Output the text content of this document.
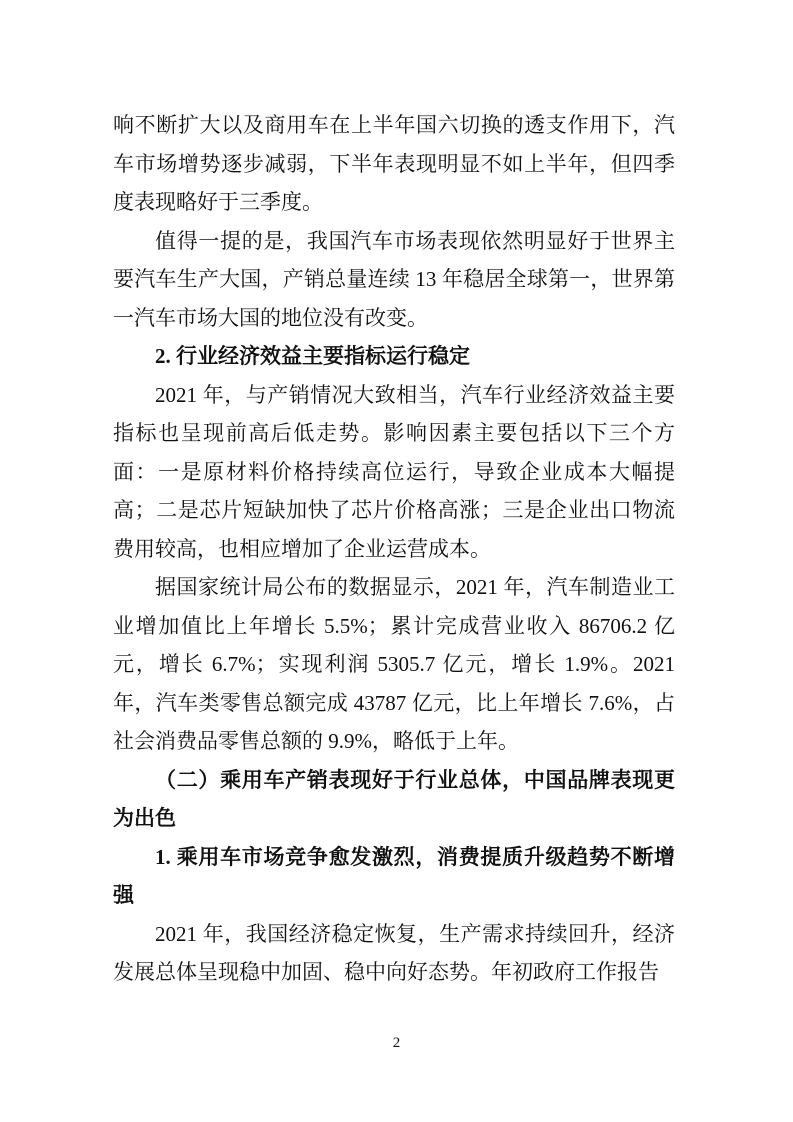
响不断扩大以及商用车在上半年国六切换的透支作用下，汽车市场增势逐步减弱，下半年表现明显不如上半年，但四季度表现略好于三季度。

值得一提的是，我国汽车市场表现依然明显好于世界主要汽车生产大国，产销总量连续 13 年稳居全球第一，世界第一汽车市场大国的地位没有改变。

2. 行业经济效益主要指标运行稳定

2021 年，与产销情况大致相当，汽车行业经济效益主要指标也呈现前高后低走势。影响因素主要包括以下三个方面：一是原材料价格持续高位运行，导致企业成本大幅提高；二是芯片短缺加快了芯片价格高涨；三是企业出口物流费用较高，也相应增加了企业运营成本。

据国家统计局公布的数据显示，2021 年，汽车制造业工业增加值比上年增长 5.5%；累计完成营业收入 86706.2 亿元，增长 6.7%；实现利润 5305.7 亿元，增长 1.9%。2021 年，汽车类零售总额完成 43787 亿元，比上年增长 7.6%，占社会消费品零售总额的 9.9%，略低于上年。

（二）乘用车产销表现好于行业总体，中国品牌表现更为出色

1. 乘用车市场竞争愈发激烈，消费提质升级趋势不断增强

2021 年，我国经济稳定恢复，生产需求持续回升，经济发展总体呈现稳中加固、稳中向好态势。年初政府工作报告

2
